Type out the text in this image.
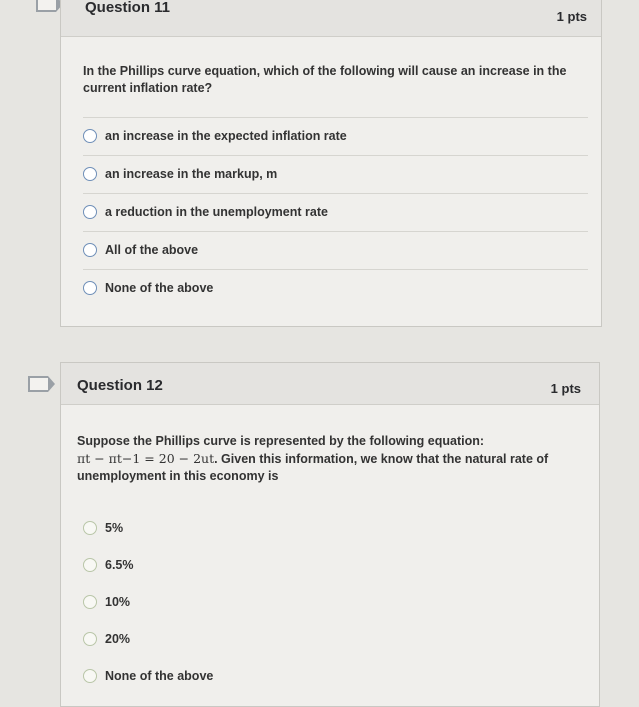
Question 11
1 pts
In the Phillips curve equation, which of the following will cause an increase in the
current inflation rate?
an increase in the expected inflation rate
an increase in the markup, m
a reduction in the unemployment rate
All of the above
None of the above
Question 12	1 pts
Suppose the Phillips curve is represented by the following equation:
πt − πt−1 = 20 − 2ut. Given this information, we know that the natural rate of
unemployment in this economy is
5%
6.5%
10%
20%
None of the above
